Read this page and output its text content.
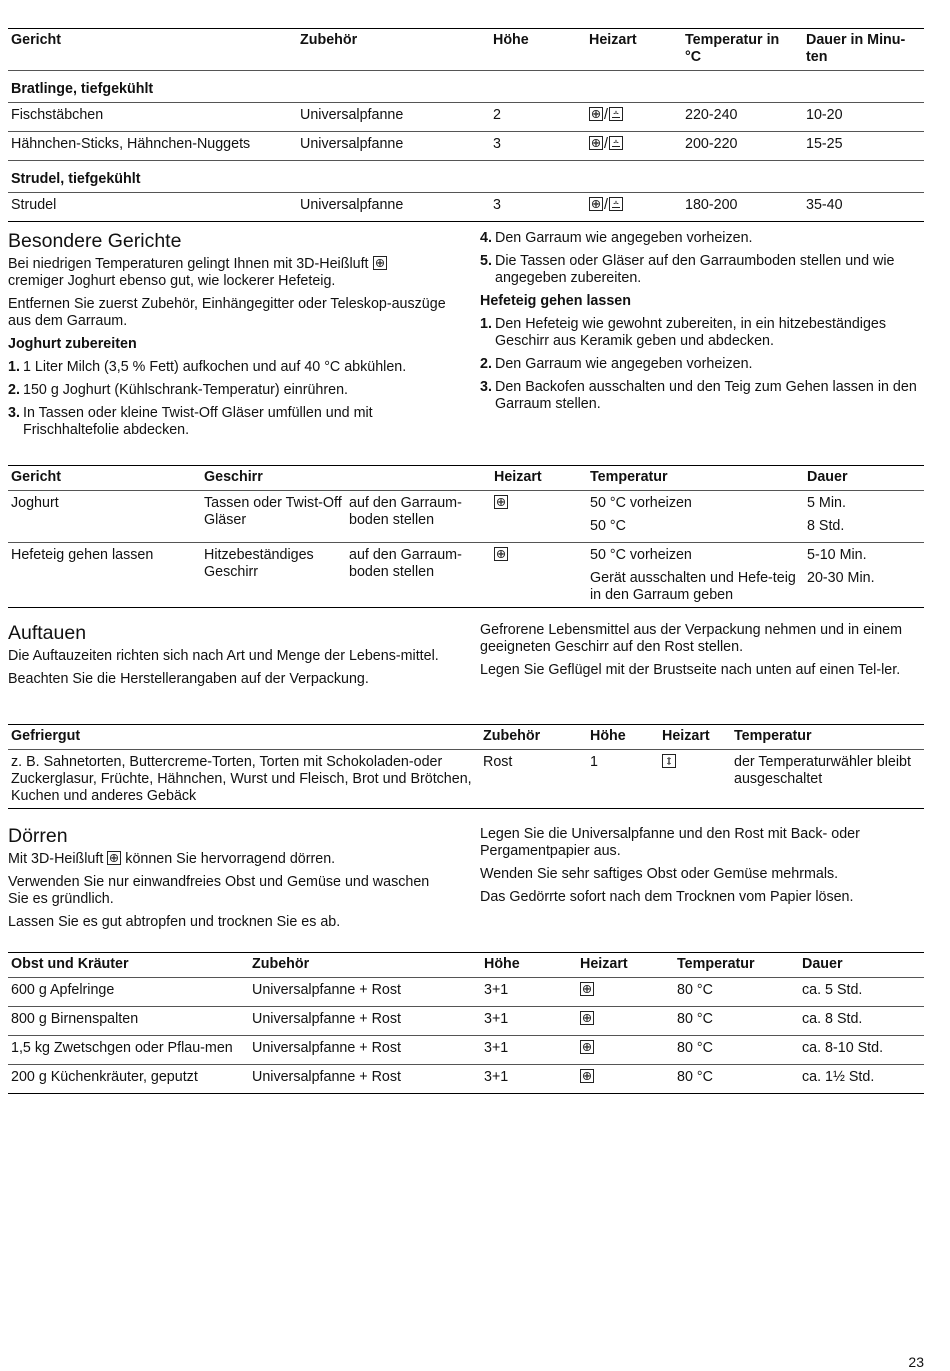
Gericht	Zubehör	Höhe	Heizart	Temperatur in
°C	Dauer in Minu-
ten
Bratlinge, tiefgekühlt					
Fischstäbchen	Universalpfanne	2	/	220-240	10-20
Hähnchen-Sticks, Hähnchen-Nuggets	Universalpfanne	3	/	200-220	15-25
Strudel, tiefgekühlt					
Strudel	Universalpfanne	3	/	180-200	35-40
Besondere Gerichte

Bei niedrigen Temperaturen gelingt Ihnen mit 3D-Heißluft

cremiger Joghurt ebenso gut, wie lockerer Hefeteig.

Entfernen Sie zuerst Zubehör, Einhängegitter oder Teleskop-auszüge aus dem Garraum.

Joghurt zubereiten

1. 1 Liter Milch (3,5 % Fett) aufkochen und auf 40 °C abkühlen.
2. 150 g Joghurt (Kühlschrank-Temperatur) einrühren.
3. In Tassen oder kleine Twist-Off Gläser umfüllen und mit Frischhaltefolie abdecken.
4. Den Garraum wie angegeben vorheizen.
5. Die Tassen oder Gläser auf den Garraumboden stellen und wie angegeben zubereiten.

Hefeteig gehen lassen

1. Den Hefeteig wie gewohnt zubereiten, in ein hitzebeständiges Geschirr aus Keramik geben und abdecken.
2. Den Garraum wie angegeben vorheizen.
3. Den Backofen ausschalten und den Teig zum Gehen lassen in den Garraum stellen.
Gericht	Geschirr		Heizart	Temperatur	Dauer
Joghurt	Tassen oder Twist-Off Gläser	auf den Garraum-boden stellen		50 °C vorheizen	5 Min.
				50 °C	8 Std.
Hefeteig gehen lassen	Hitzebeständiges Geschirr	auf den Garraum-boden stellen		50 °C vorheizen	5-10 Min.
				Gerät ausschalten und Hefe-teig in den Garraum geben	20-30 Min.
Auftauen

Die Auftauzeiten richten sich nach Art und Menge der Lebens-mittel.

Beachten Sie die Herstellerangaben auf der Verpackung.

Gefrorene Lebensmittel aus der Verpackung nehmen und in einem geeigneten Geschirr auf den Rost stellen.

Legen Sie Geflügel mit der Brustseite nach unten auf einen Tel-ler.

Gefriergut	Zubehör	Höhe	Heizart	Temperatur
z. B. Sahnetorten, Buttercreme-Torten, Torten mit Schokoladen-oder Zuckerglasur, Früchte, Hähnchen, Wurst und Fleisch, Brot und Brötchen, Kuchen und anderes Gebäck	Rost	1		der Temperaturwähler bleibt ausgeschaltet
Dörren

Mit 3D-Heißluft können Sie hervorragend dörren.

Verwenden Sie nur einwandfreies Obst und Gemüse und waschen Sie es gründlich.

Lassen Sie es gut abtropfen und trocknen Sie es ab.

Legen Sie die Universalpfanne und den Rost mit Back- oder Pergamentpapier aus.

Wenden Sie sehr saftiges Obst oder Gemüse mehrmals.

Das Gedörrte sofort nach dem Trocknen vom Papier lösen.

Obst und Kräuter	Zubehör	Höhe	Heizart	Temperatur	Dauer
600 g Apfelringe	Universalpfanne + Rost	3+1		80 °C	ca. 5 Std.
800 g Birnenspalten	Universalpfanne + Rost	3+1		80 °C	ca. 8 Std.
1,5 kg Zwetschgen oder Pflau-men	Universalpfanne + Rost	3+1		80 °C	ca. 8-10 Std.
200 g Küchenkräuter, geputzt	Universalpfanne + Rost	3+1		80 °C	ca. 1½ Std.
23
